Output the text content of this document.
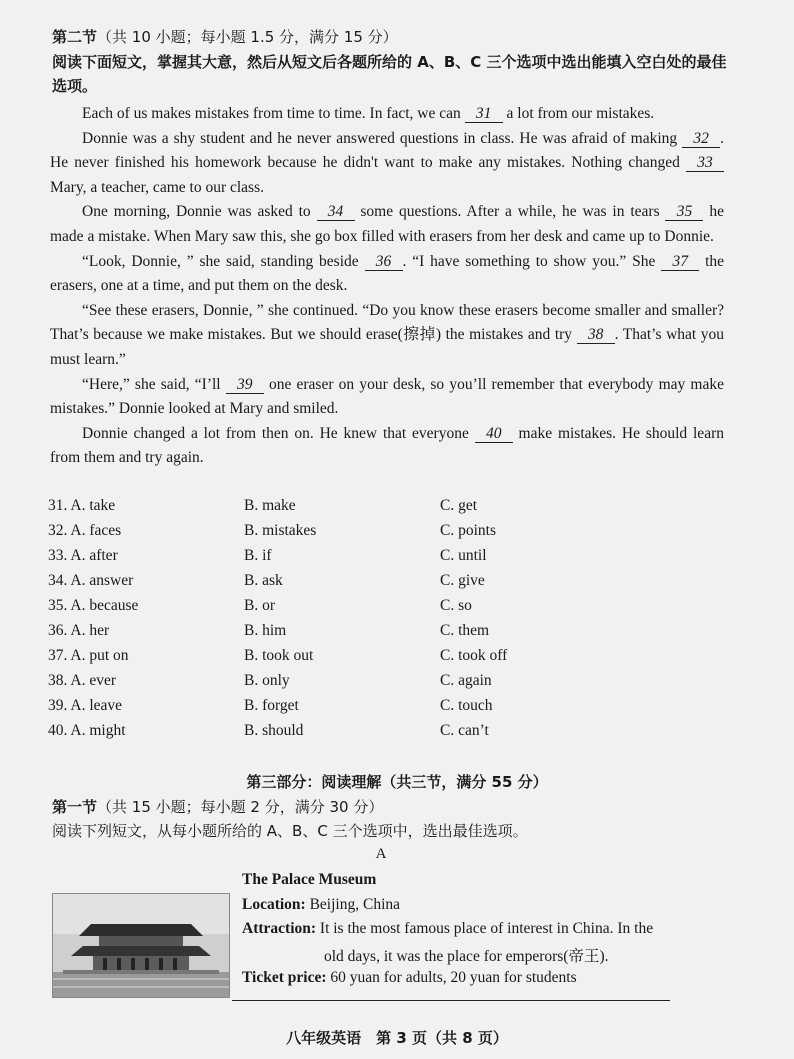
第二节（共 10 小题；每小题 1.5 分，满分 15 分）
阅读下面短文，掌握其大意，然后从短文后各题所给的 A、B、C 三个选项中选出能填入空白处的最佳选项。
Each of us makes mistakes from time to time. In fact, we can 31 a lot from our mistakes.
Donnie was a shy student and he never answered questions in class. He was afraid of making 32 . He never finished his homework because he didn't want to make any mistakes. Nothing changed 33 Mary, a teacher, came to our class.
One morning, Donnie was asked to 34 some questions. After a while, he was in tears 35 he made a mistake. When Mary saw this, she go box filled with erasers from her desk and came up to Donnie.
“Look, Donnie, ” she said, standing beside 36 . “I have something to show you.” She 37 the erasers, one at a time, and put them on the desk.
“See these erasers, Donnie, ” she continued. “Do you know these erasers become smaller and smaller? That’s because we make mistakes. But we should erase(擦掉) the mistakes and try 38 . That’s what you must learn.”
“Here,” she said, “I’ll 39 one eraser on your desk, so you’ll remember that everybody may make mistakes.” Donnie looked at Mary and smiled.
Donnie changed a lot from then on. He knew that everyone 40 make mistakes. He should learn from them and try again.
31. A. take	B. make	C. get
32. A. faces	B. mistakes	C. points
33. A. after	B. if	C. until
34. A. answer	B. ask	C. give
35. A. because	B. or	C. so
36. A. her	B. him	C. them
37. A. put on	B. took out	C. took off
38. A. ever	B. only	C. again
39. A. leave	B. forget	C. touch
40. A. might	B. should	C. can’t
第三部分：阅读理解（共三节，满分 55 分）
第一节（共 15 小题；每小题 2 分，满分 30 分）
阅读下列短文，从每小题所给的 A、B、C 三个选项中，选出最佳选项。
A
The Palace Museum
Location: Beijing, China
Attraction: It is the most famous place of interest in China. In the
old days, it was the place for emperors(帝王).
Ticket price: 60 yuan for adults, 20 yuan for students
八年级英语　第 3 页（共 8 页）
